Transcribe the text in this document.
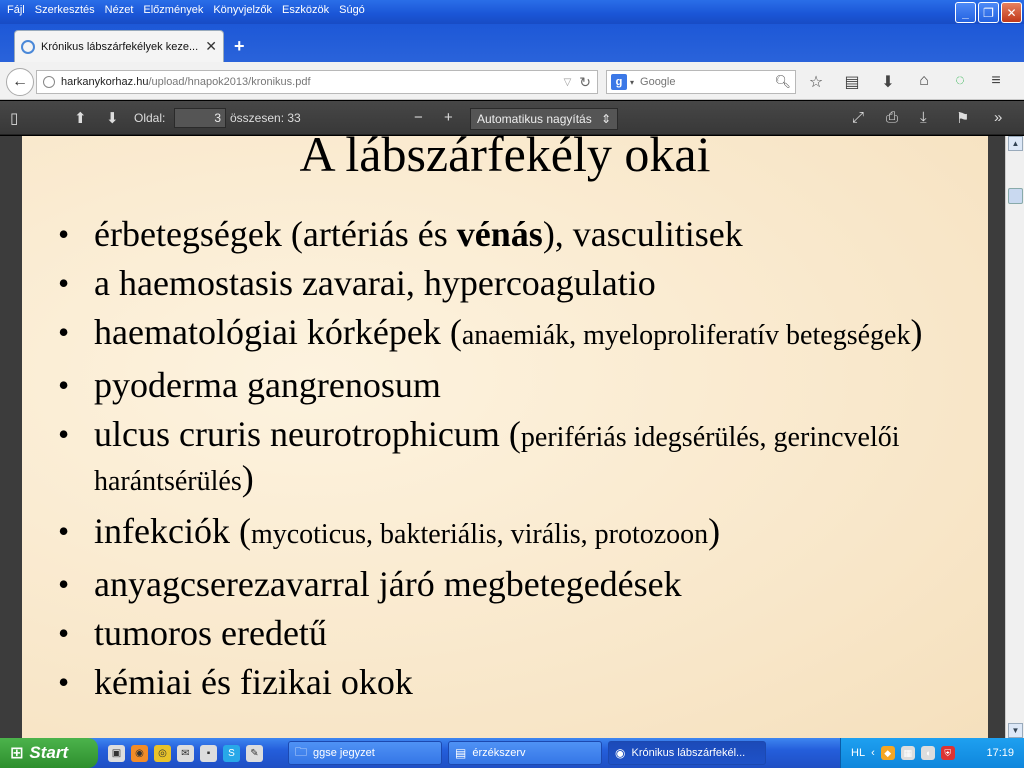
Fájl Szerkesztés Nézet Előzmények Könyvjelzők Eszközök Súgó	_	❐	✕
Krónikus lábszárfekélyek keze... ✕ +
←	harkanykorhaz.hu/upload/hnapok2013/kronikus.pdf	▽ ↻	g ▾
Google	🔍︎ ☆ ▤ ⬇	⌂	◌	≡
▯	⬆ ⬇ Oldal:
3	összesen: 33	− + Automatikus nagyítás ⇕	⤢ ⎙ ⤓ ⚑ »
A lábszárfekély okai
• érbetegségek (artériás és vénás), vasculitisek
• a haemostasis zavarai, hypercoagulatio
• haematológiai kórképek (anaemiák, myeloproliferatív betegségek)
• pyoderma gangrenosum
• ulcus cruris neurotrophicum (perifériás idegsérülés, gerincvelői harántsérülés)
• infekciók (mycoticus, bakteriális, virális, protozoon)
• anyagcserezavarral járó megbetegedések
• tumoros eredetű
• kémiai és fizikai okok
▲
▼
⊞ Start	▣	◉	◎	✉	▪	S	✎	🗀 ggse jegyzet	▤ érzékszerv	◉ Krónikus lábszárfekél...	HL ‹	◆	▦	◖	⛨	17:19
